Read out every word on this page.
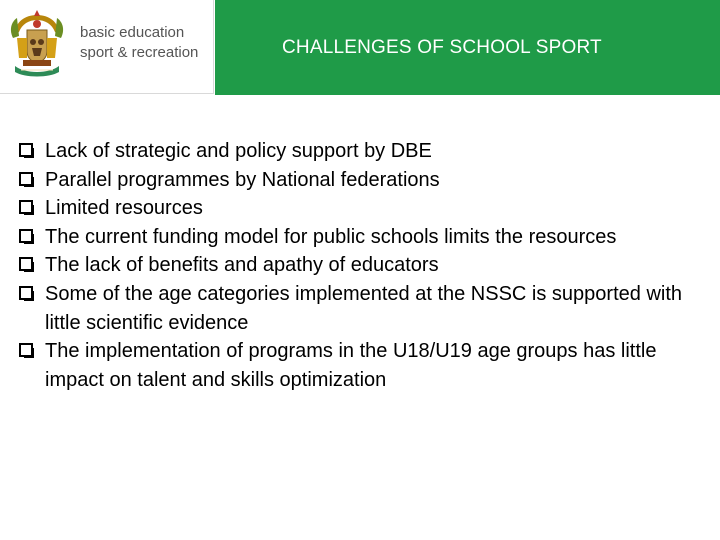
basic education
sport & recreation	CHALLENGES OF SCHOOL SPORT
Lack of strategic and policy support by DBE
Parallel programmes by National federations
Limited resources
The current funding model for public schools limits the resources
The lack of benefits and apathy of educators
Some of the age categories implemented at the NSSC is supported with little scientific evidence
The implementation of programs in the U18/U19 age groups has little impact on talent and skills optimization
